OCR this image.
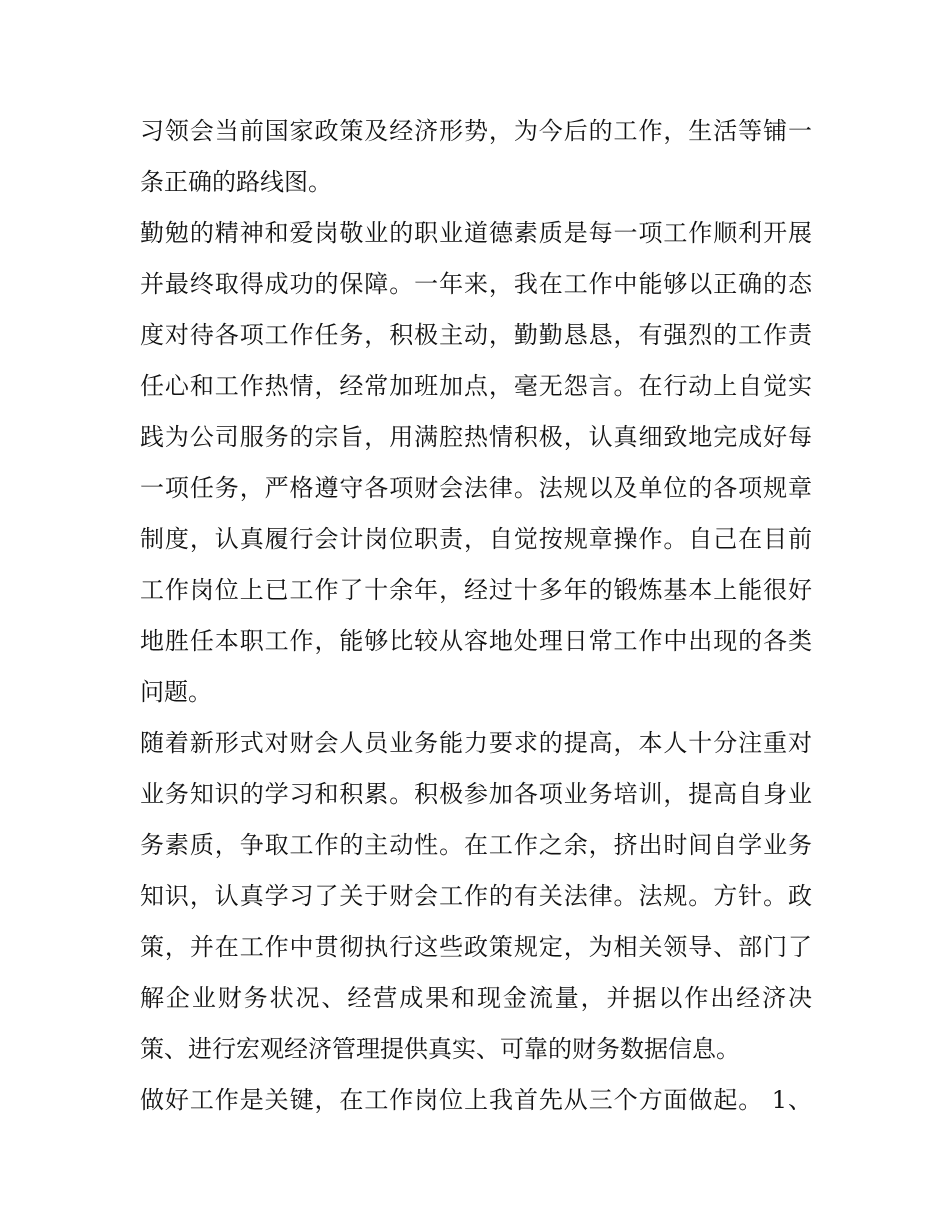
习领会当前国家政策及经济形势，为今后的工作，生活等铺一
条正确的路线图。
勤勉的精神和爱岗敬业的职业道德素质是每一项工作顺利开展
并最终取得成功的保障。一年来，我在工作中能够以正确的态
度对待各项工作任务，积极主动，勤勤恳恳，有强烈的工作责
任心和工作热情，经常加班加点，毫无怨言。在行动上自觉实
践为公司服务的宗旨，用满腔热情积极，认真细致地完成好每
一项任务，严格遵守各项财会法律。法规以及单位的各项规章
制度，认真履行会计岗位职责，自觉按规章操作。自己在目前
工作岗位上已工作了十余年，经过十多年的锻炼基本上能很好
地胜任本职工作，能够比较从容地处理日常工作中出现的各类
问题。
随着新形式对财会人员业务能力要求的提高，本人十分注重对
业务知识的学习和积累。积极参加各项业务培训，提高自身业
务素质，争取工作的主动性。在工作之余，挤出时间自学业务
知识，认真学习了关于财会工作的有关法律。法规。方针。政
策，并在工作中贯彻执行这些政策规定，为相关领导、部门了
解企业财务状况、经营成果和现金流量，并据以作出经济决
策、进行宏观经济管理提供真实、可靠的财务数据信息。
做好工作是关键，在工作岗位上我首先从三个方面做起。 1、
